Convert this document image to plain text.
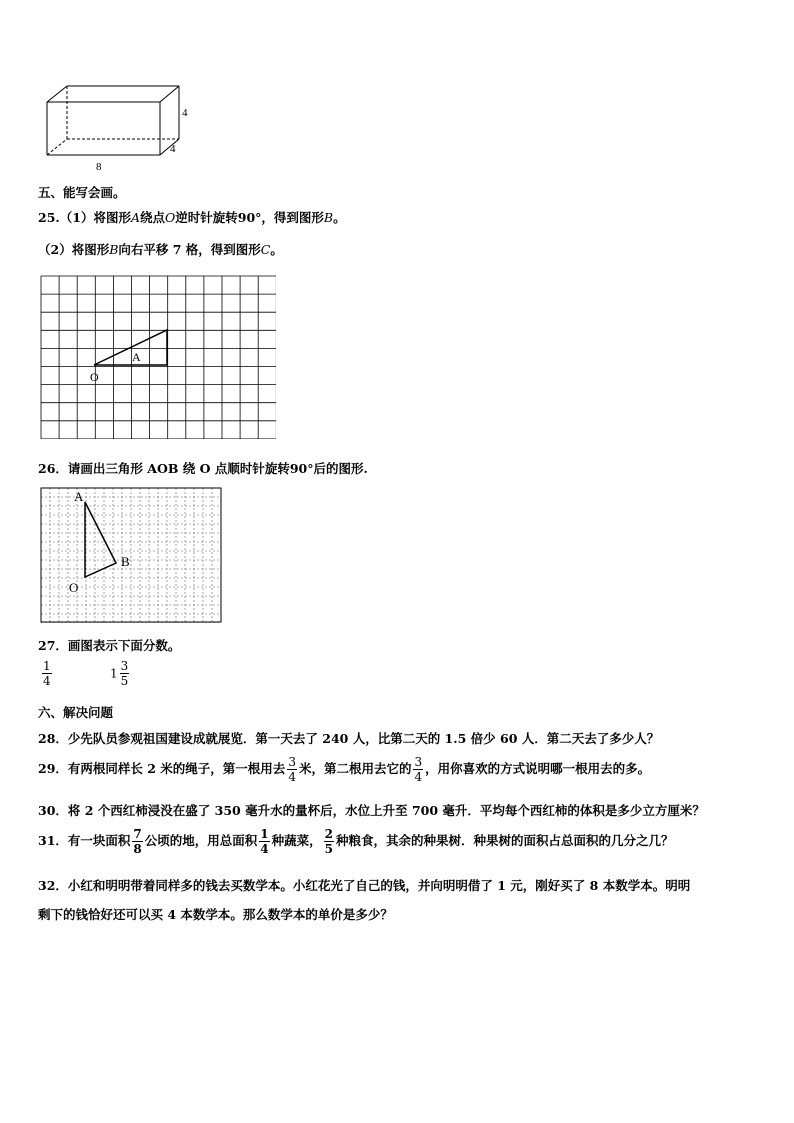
4
4
8
五、能写会画。
25.（1）将图形A绕点O逆时针旋转90°，得到图形B。
（2）将图形B向右平移 7 格，得到图形C。
A
O
26．请画出三角形 AOB 绕 O 点顺时针旋转90°后的图形.
A
B
O
27．画图表示下面分数。
$\frac{1}{4}$	$1 \frac{3}{5}$
六、解决问题
28．少先队员参观祖国建设成就展览．第一天去了 240 人，比第二天的 1.5 倍少 60 人．第二天去了多少人？
29．有两根同样长 2 米的绳子，第一根用去 $\frac{3}{4}$ 米，第二根用去它的 $\frac{3}{4}$ ，用你喜欢的方式说明哪一根用去的多。
30．将 2 个西红柿浸没在盛了 350 毫升水的量杯后，水位上升至 700 毫升．平均每个西红柿的体积是多少立方厘米？
31．有一块面积 $\frac{7}{8}$ 公顷的地，用总面积 $\frac{1}{4}$ 种蔬菜， $\frac{2}{5}$ 种粮食，其余的种果树．种果树的面积占总面积的几分之几？
32．小红和明明带着同样多的钱去买数学本。小红花光了自己的钱，并向明明借了 1 元，刚好买了 8 本数学本。明明
剩下的钱恰好还可以买 4 本数学本。那么数学本的单价是多少？
